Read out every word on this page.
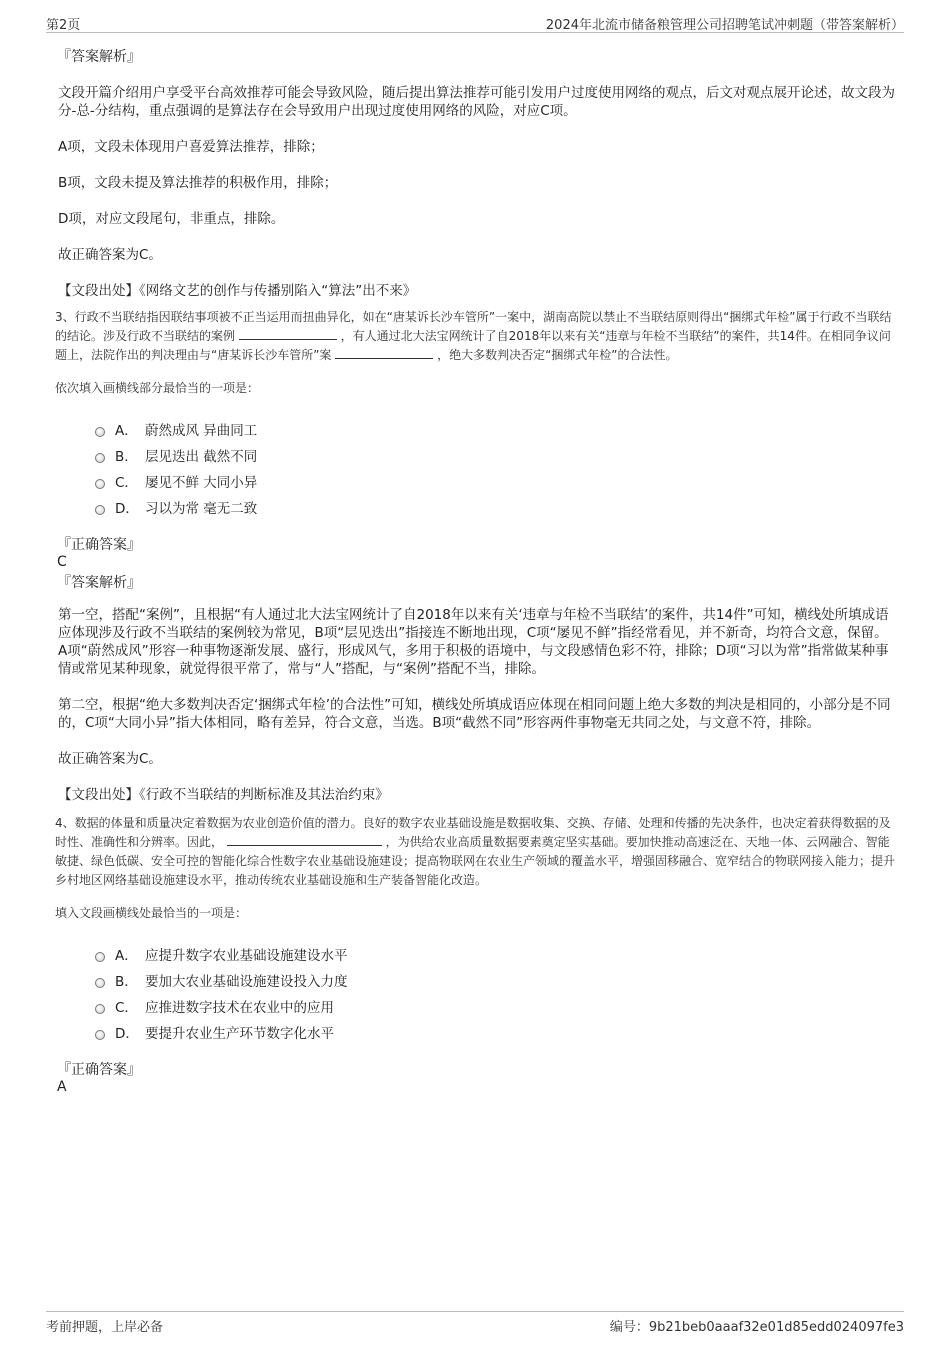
第2页	2024年北流市储备粮管理公司招聘笔试冲刺题（带答案解析）
『答案解析』
文段开篇介绍用户享受平台高效推荐可能会导致风险，随后提出算法推荐可能引发用户过度使用网络的观点，后文对观点展开论述，故文段为分-总-分结构，重点强调的是算法存在会导致用户出现过度使用网络的风险，对应C项。
A项，文段未体现用户喜爱算法推荐，排除；
B项，文段未提及算法推荐的积极作用，排除；
D项，对应文段尾句，非重点，排除。
故正确答案为C。
【文段出处】《网络文艺的创作与传播别陷入“算法”出不来》
3、行政不当联结指因联结事项被不正当运用而扭曲异化，如在“唐某诉长沙车管所”一案中，湖南高院以禁止不当联结原则得出“捆绑式年检”属于行政不当联结的结论。涉及行政不当联结的案例	，有人通过北大法宝网统计了自2018年以来有关“违章与年检不当联结”的案件，共14件。在相同争议问题上，法院作出的判决理由与“唐某诉长沙车管所”案	，绝大多数判决否定“捆绑式年检”的合法性。
依次填入画横线部分最恰当的一项是：
A． 蔚然成风 异曲同工
B． 层见迭出 截然不同
C． 屡见不鲜 大同小异
D． 习以为常 毫无二致
『正确答案』
C
『答案解析』
第一空，搭配“案例”，且根据“有人通过北大法宝网统计了自2018年以来有关‘违章与年检不当联结’的案件，共14件”可知，横线处所填成语应体现涉及行政不当联结的案例较为常见，B项“层见迭出”指接连不断地出现，C项“屡见不鲜”指经常看见，并不新奇，均符合文意，保留。A项“蔚然成风”形容一种事物逐渐发展、盛行，形成风气，多用于积极的语境中，与文段感情色彩不符，排除；D项“习以为常”指常做某种事情或常见某种现象，就觉得很平常了，常与“人”搭配，与“案例”搭配不当，排除。
第二空，根据“绝大多数判决否定‘捆绑式年检’的合法性”可知，横线处所填成语应体现在相同问题上绝大多数的判决是相同的，小部分是不同的，C项“大同小异”指大体相同，略有差异，符合文意，当选。B项“截然不同”形容两件事物毫无共同之处，与文意不符，排除。
故正确答案为C。
【文段出处】《行政不当联结的判断标准及其法治约束》
4、数据的体量和质量决定着数据为农业创造价值的潜力。良好的数字农业基础设施是数据收集、交换、存储、处理和传播的先决条件，也决定着获得数据的及时性、准确性和分辨率。因此，	，为供给农业高质量数据要素奠定坚实基础。要加快推动高速泛在、天地一体、云网融合、智能敏捷、绿色低碳、安全可控的智能化综合性数字农业基础设施建设；提高物联网在农业生产领域的覆盖水平，增强固移融合、宽窄结合的物联网接入能力；提升乡村地区网络基础设施建设水平，推动传统农业基础设施和生产装备智能化改造。
填入文段画横线处最恰当的一项是：
A． 应提升数字农业基础设施建设水平
B． 要加大农业基础设施建设投入力度
C． 应推进数字技术在农业中的应用
D． 要提升农业生产环节数字化水平
『正确答案』
A
考前押题，上岸必备	编号：9b21beb0aaaf32e01d85edd024097fe3
